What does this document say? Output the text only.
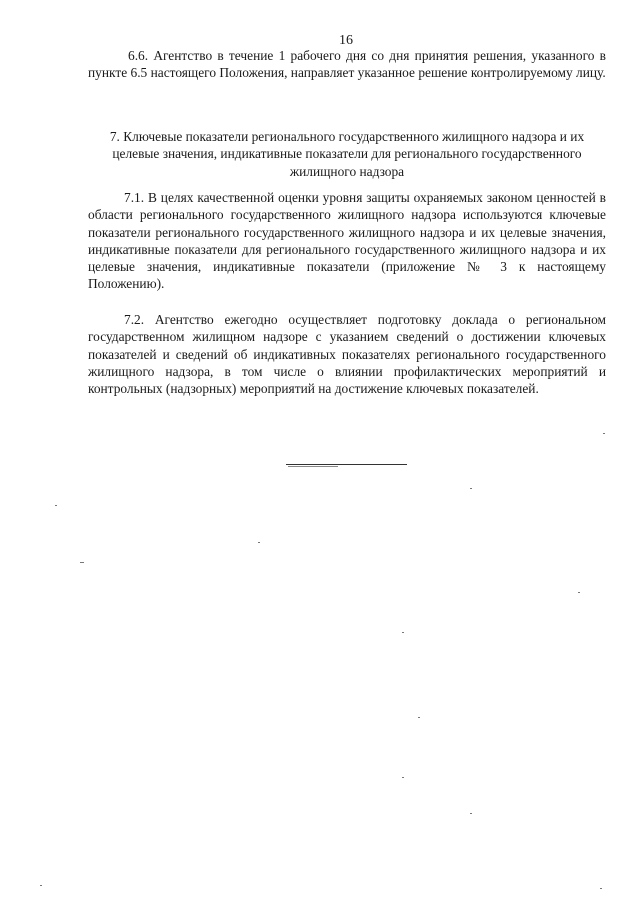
16

6.6. Агентство в течение 1 рабочего дня со дня принятия решения, указанного в пункте 6.5 настоящего Положения, направляет указанное решение контролируемому лицу.

7. Ключевые показатели регионального государственного жилищного надзора и их целевые значения, индикативные показатели для регионального государственного жилищного надзора

7.1. В целях качественной оценки уровня защиты охраняемых законом ценностей в области регионального государственного жилищного надзора используются ключевые показатели регионального государственного жилищного надзора и их целевые значения, индикативные показатели для регионального государственного жилищного надзора и их целевые значения, индикативные показатели (приложение № 3 к настоящему Положению).

7.2. Агентство ежегодно осуществляет подготовку доклада о региональном государственном жилищном надзоре с указанием сведений о достижении ключевых показателей и сведений об индикативных показателях регионального государственного жилищного надзора, в том числе о влиянии профилактических мероприятий и контрольных (надзорных) мероприятий на достижение ключевых показателей.
